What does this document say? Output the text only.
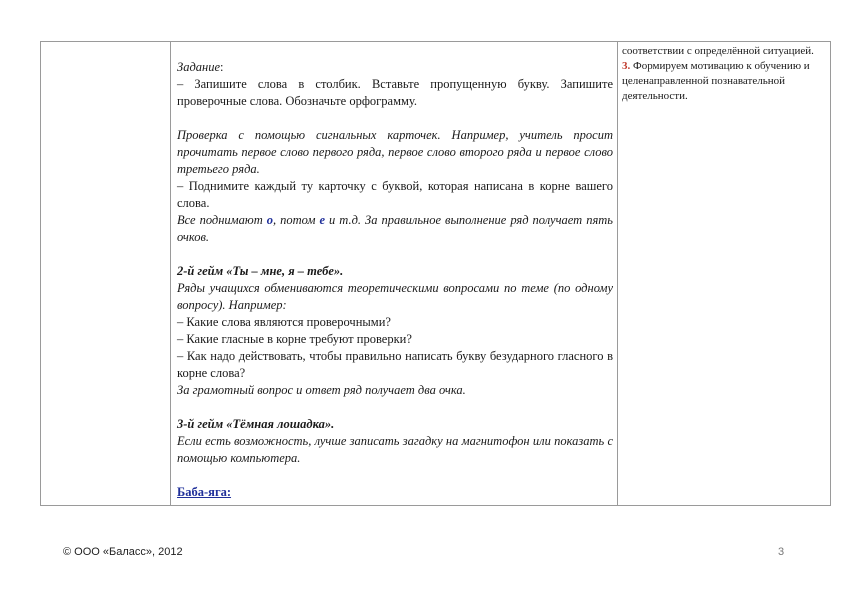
Задание:
– Запишите слова в столбик. Вставьте пропущенную букву. Запишите проверочные слова. Обозначьте орфограмму.

Проверка с помощью сигнальных карточек. Например, учитель просит прочитать первое слово первого ряда, первое слово второго ряда и первое слово третьего ряда.

– Поднимите каждый ту карточку с буквой, которая написана в корне вашего слова.

Все поднимают о, потом е и т.д. За правильное выполнение ряд получает пять очков.

2-й гейм «Ты – мне, я – тебе».

Ряды учащихся обмениваются теоретическими вопросами по теме (по одному вопросу). Например:

– Какие слова являются проверочными?

– Какие гласные в корне требуют проверки?

– Как надо действовать, чтобы правильно написать букву безударного гласного в корне слова?

За грамотный вопрос и ответ ряд получает два очка.

3-й гейм «Тёмная лошадка».

Если есть возможность, лучше записать загадку на магнитофон или показать с помощью компьютера.

Баба-яга:

соответствии с определённой ситуацией.
3. Формируем мотивацию к обучению и целенаправленной познавательной деятельности.
© ООО «Баласс», 2012	3
